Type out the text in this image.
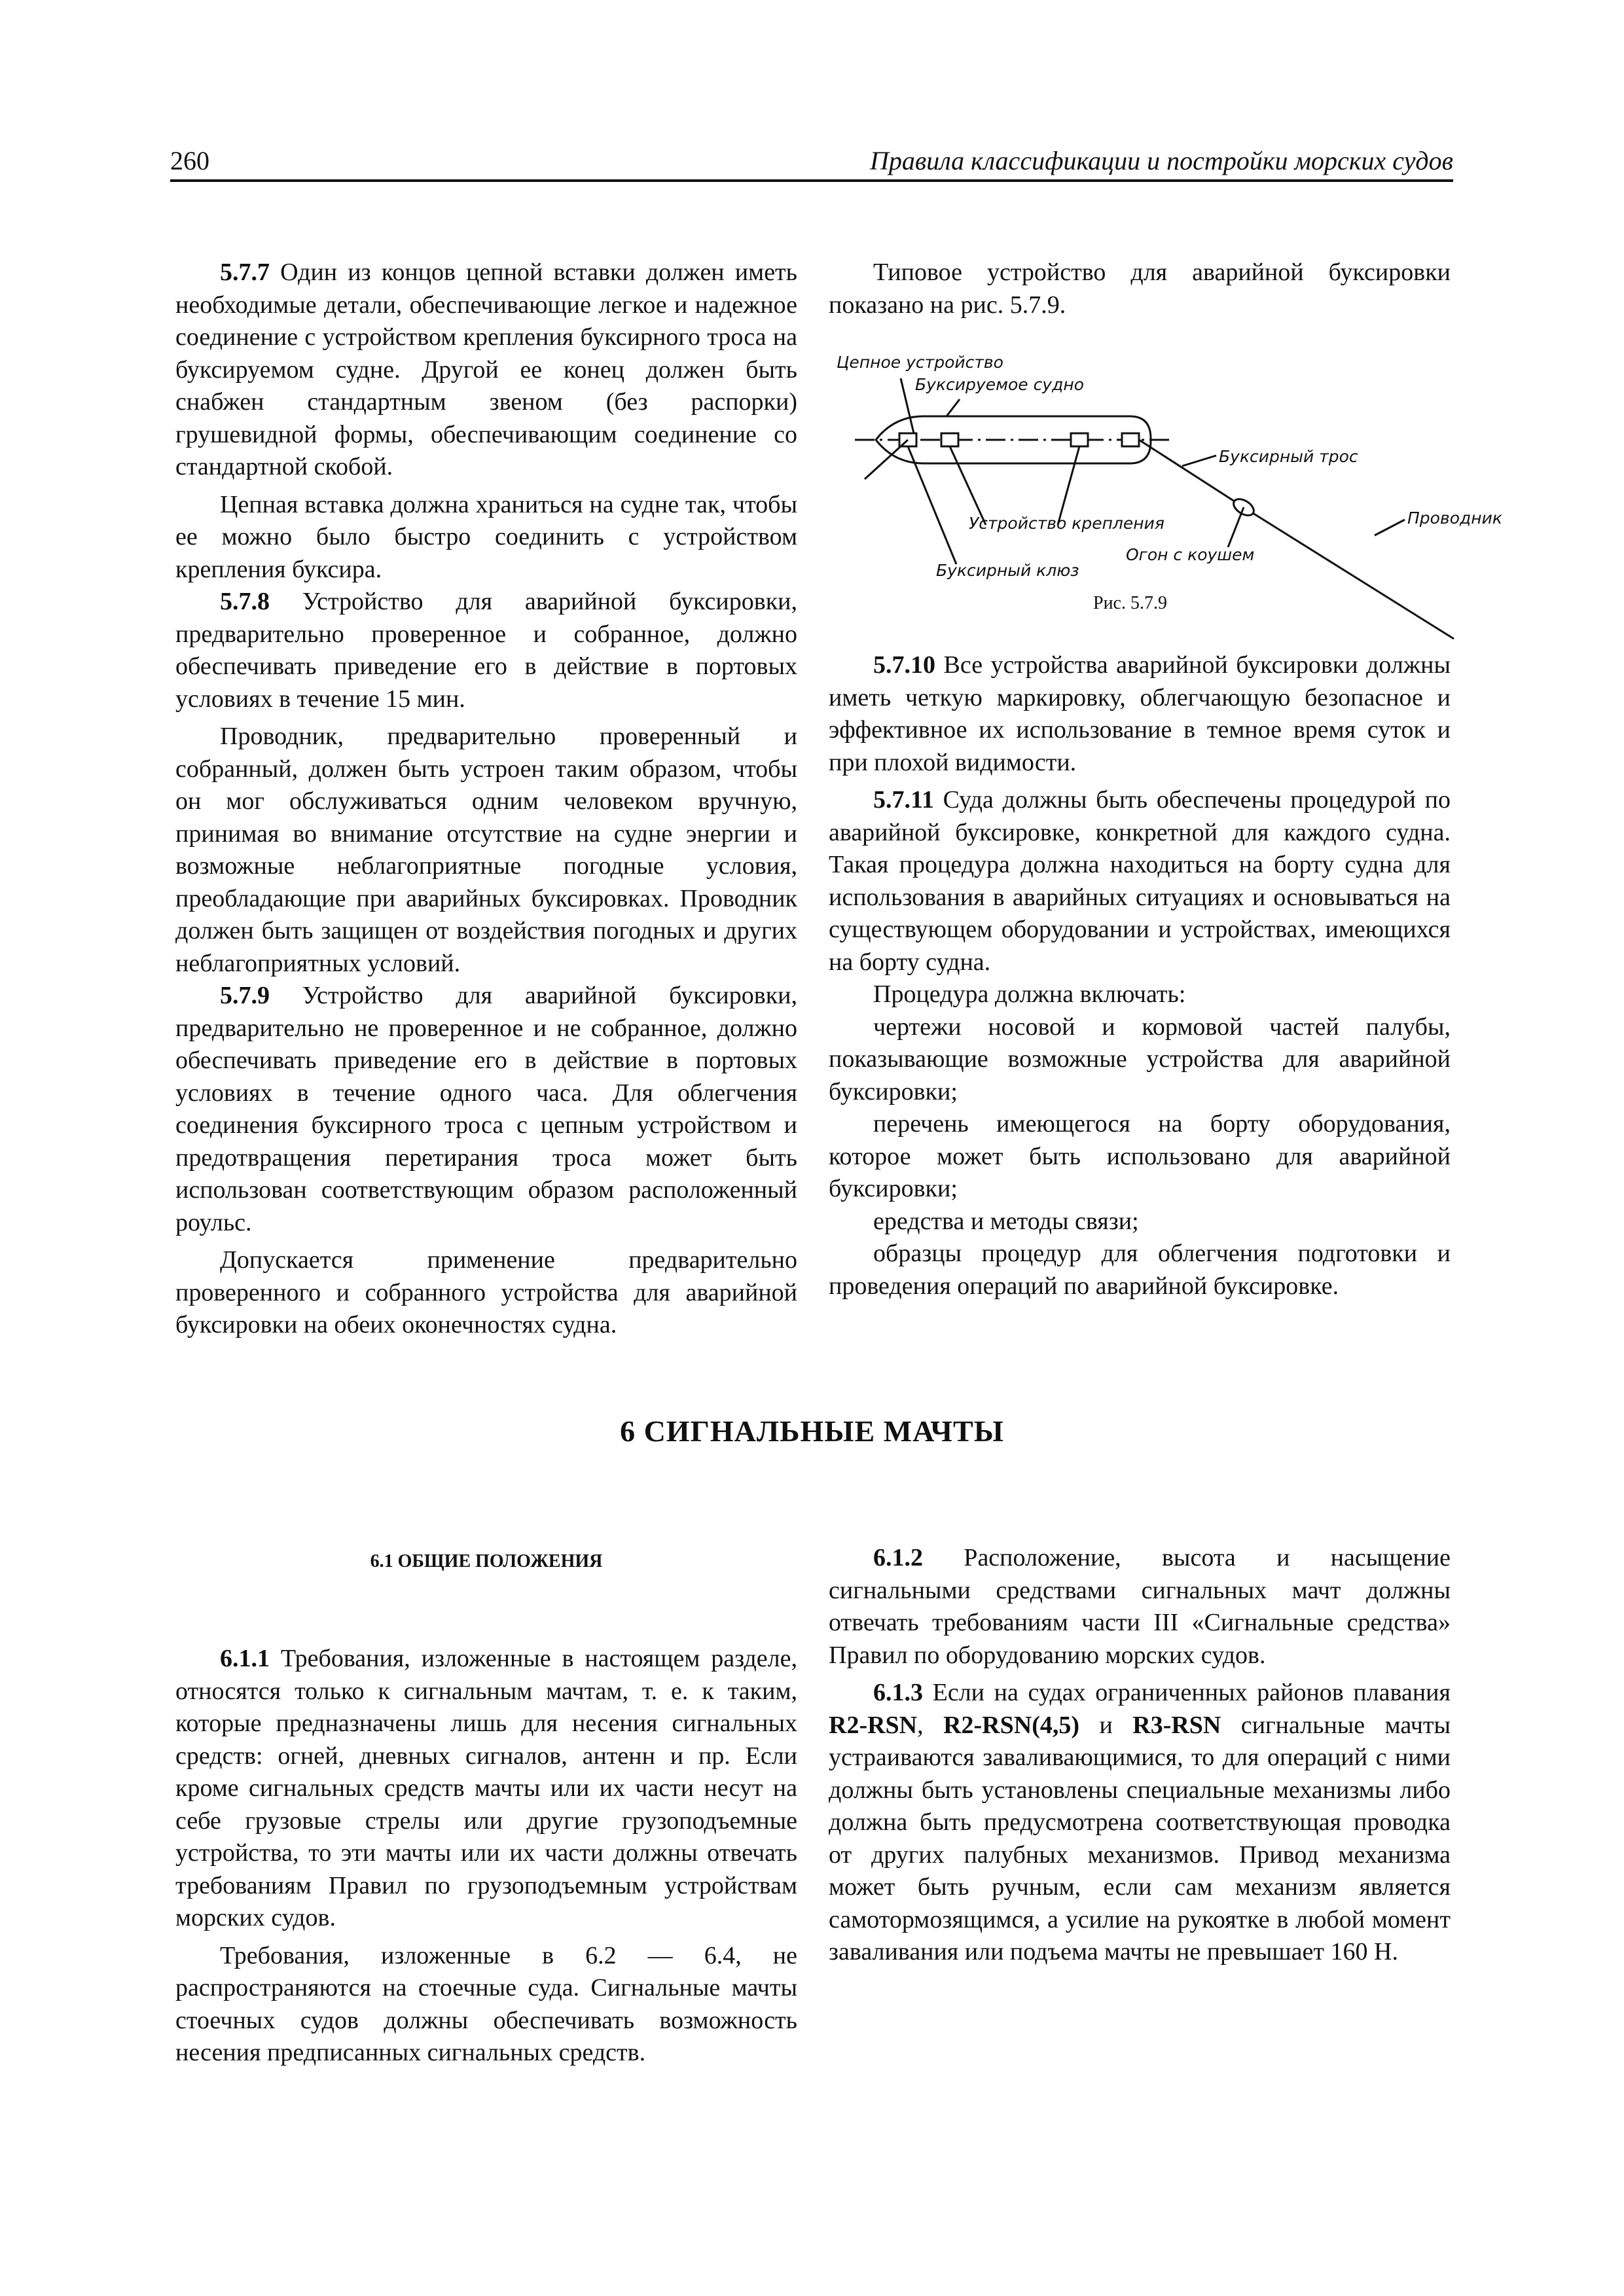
260	Правила классификации и постройки морских судов

5.7.7 Один из концов цепной вставки должен иметь необходимые детали, обеспечивающие легкое и надежное соединение с устройством крепления буксирного троса на буксируемом судне. Другой ее конец должен быть снабжен стандартным звеном (без распорки) грушевидной формы, обеспечивающим соединение со стандартной скобой.

Цепная вставка должна храниться на судне так, чтобы ее можно было быстро соединить с устройством крепления буксира.

5.7.8 Устройство для аварийной буксировки, предварительно проверенное и собранное, должно обеспечивать приведение его в действие в портовых условиях в течение 15 мин.

Проводник, предварительно проверенный и собранный, должен быть устроен таким образом, чтобы он мог обслуживаться одним человеком вручную, принимая во внимание отсутствие на судне энергии и возможные неблагоприятные погодные условия, преобладающие при аварийных буксировках. Проводник должен быть защищен от воздействия погодных и других неблагоприятных условий.

5.7.9 Устройство для аварийной буксировки, предварительно не проверенное и не собранное, должно обеспечивать приведение его в действие в портовых условиях в течение одного часа. Для облегчения соединения буксирного троса с цепным устройством и предотвращения перетирания троса может быть использован соответствующим образом расположенный роульс.

Допускается применение предварительно проверенного и собранного устройства для аварийной буксировки на обеих оконечностях судна.

Типовое устройство для аварийной буксировки показано на рис. 5.7.9.

Цепное устройство
Буксируемое судно
Буксирный трос
Проводник
Устройство крепления
Огон с коушем
Буксирный клюз
Рис. 5.7.9

5.7.10 Все устройства аварийной буксировки должны иметь четкую маркировку, облегчающую безопасное и эффективное их использование в темное время суток и при плохой видимости.

5.7.11 Суда должны быть обеспечены процедурой по аварийной буксировке, конкретной для каждого судна. Такая процедура должна находиться на борту судна для использования в аварийных ситуациях и основываться на существующем оборудовании и устройствах, имеющихся на борту судна.

Процедура должна включать:

чертежи носовой и кормовой частей палубы, показывающие возможные устройства для аварийной буксировки;

перечень имеющегося на борту оборудования, которое может быть использовано для аварийной буксировки;

ередства и методы связи;

образцы процедур для облегчения подготовки и проведения операций по аварийной буксировке.

6 СИГНАЛЬНЫЕ МАЧТЫ
6.1 ОБЩИЕ ПОЛОЖЕНИЯ

6.1.1 Требования, изложенные в настоящем разделе, относятся только к сигнальным мачтам, т. е. к таким, которые предназначены лишь для несения сигнальных средств: огней, дневных сигналов, антенн и пр. Если кроме сигнальных средств мачты или их части несут на себе грузовые стрелы или другие грузоподъемные устройства, то эти мачты или их части должны отвечать требованиям Правил по грузоподъемным устройствам морских судов.

Требования, изложенные в 6.2 — 6.4, не распространяются на стоечные суда. Сигнальные мачты стоечных судов должны обеспечивать возможность несения предписанных сигнальных средств.

6.1.2 Расположение, высота и насыщение сигнальными средствами сигнальных мачт должны отвечать требованиям части III «Сигнальные средства» Правил по оборудованию морских судов.

6.1.3 Если на судах ограниченных районов плавания R2-RSN, R2-RSN(4,5) и R3-RSN сигнальные мачты устраиваются заваливающимися, то для операций с ними должны быть установлены специальные механизмы либо должна быть предусмотрена соответствующая проводка от других палубных механизмов. Привод механизма может быть ручным, если сам механизм является самотормозящимся, а усилие на рукоятке в любой момент заваливания или подъема мачты не превышает 160 Н.
